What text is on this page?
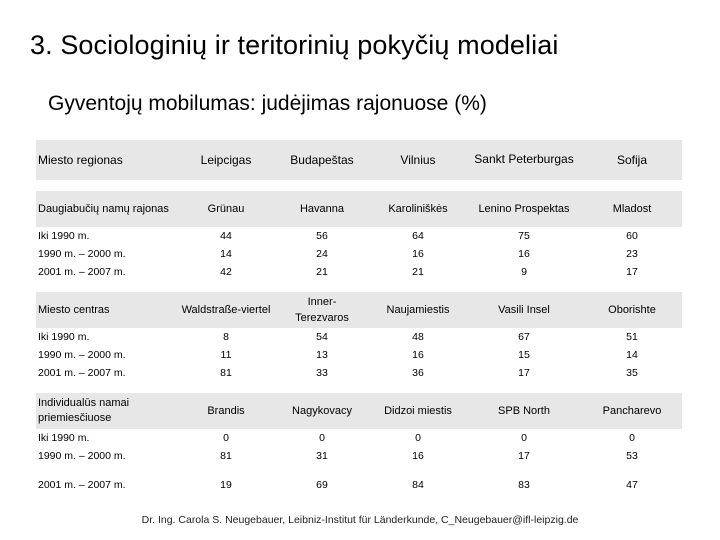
3. Sociologinių ir teritorinių pokyčių modeliai
Gyventojų mobilumas: judėjimas rajonuose (%)
Miesto regionas	Leipcigas	Budapeštas	Vilnius	Sankt Peterburgas	Sofija

Daugiabučių namų rajonas	Grünau	Havanna	Karoliniškės	Lenino Prospektas	Mladost
Iki 1990 m.	44	56	64	75	60
1990 m. – 2000 m.	14	24	16	16	23
2001 m. – 2007 m.	42	21	21	9	17

Miesto centras	Waldstraße-viertel	Inner-Terezvaros	Naujamiestis	Vasili Insel	Oborishte
Iki 1990 m.	8	54	48	67	51
1990 m. – 2000 m.	11	13	16	15	14
2001 m. – 2007 m.	81	33	36	17	35

Individualūs namai priemiesčiuose	Brandis	Nagykovacy	Didzoi miestis	SPB North	Pancharevo
Iki 1990 m.	0	0	0	0	0
1990 m. – 2000 m.	81	31	16	17	53

2001 m. – 2007 m.	19	69	84	83	47
Dr. Ing. Carola S. Neugebauer, Leibniz-Institut für Länderkunde, C_Neugebauer@ifl-leipzig.de
